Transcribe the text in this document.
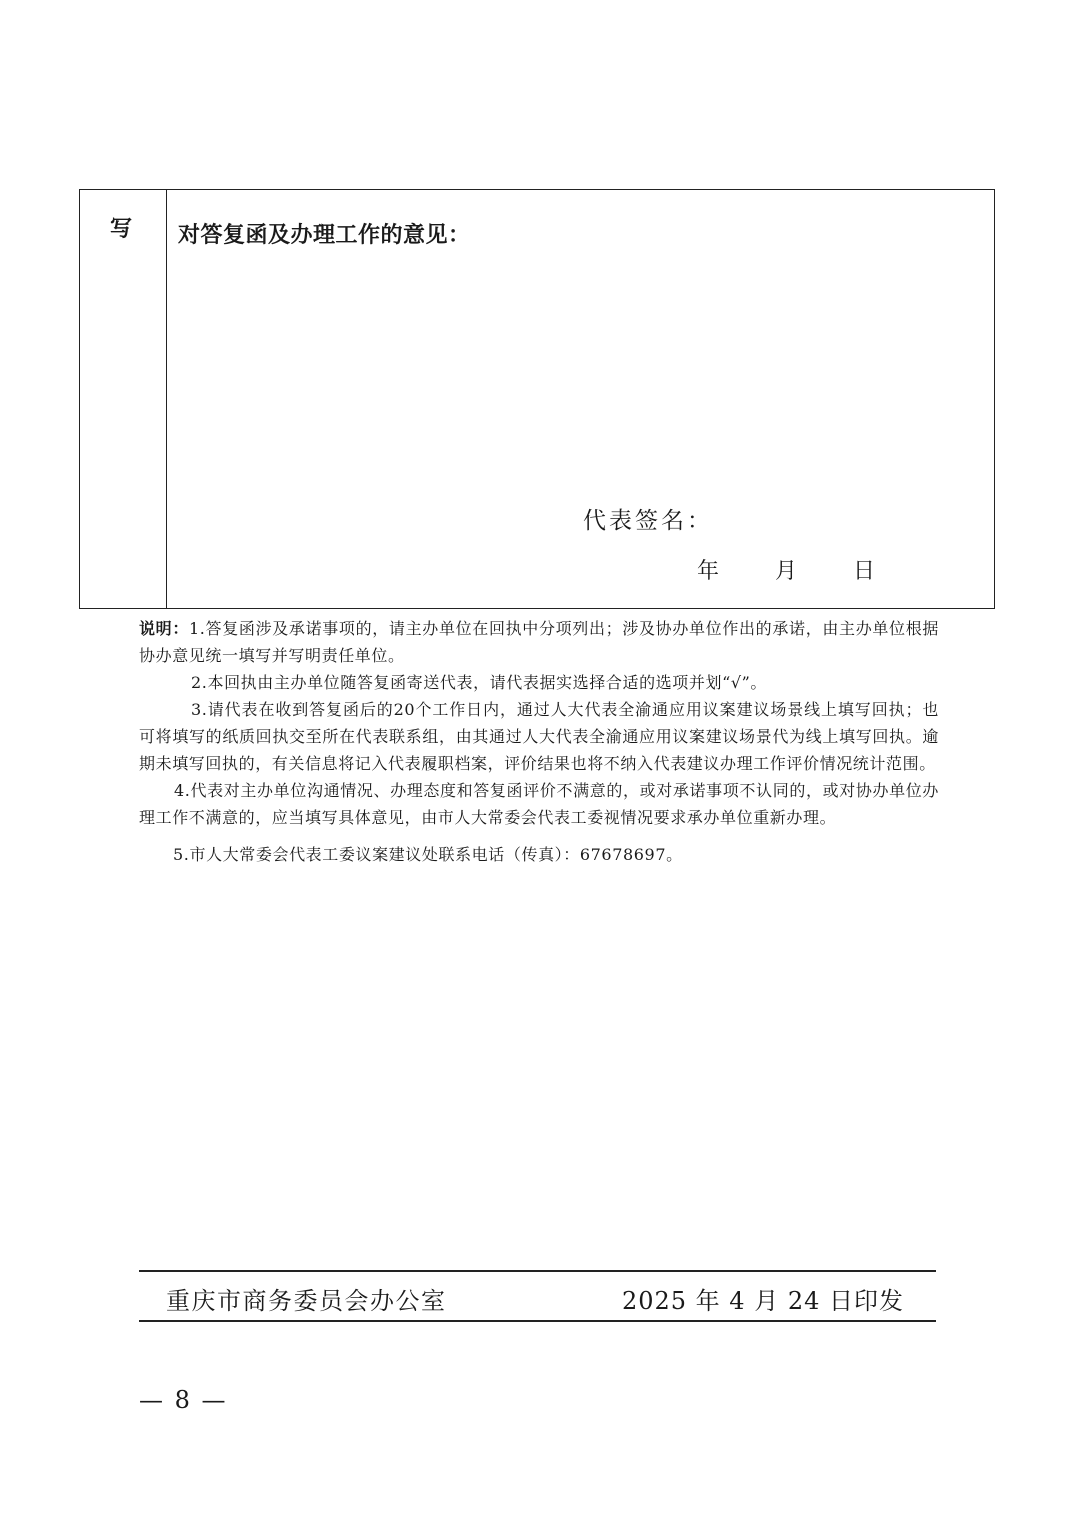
写 对答复函及办理工作的意见：
代表签名：
年	月	日

说明：1.答复函涉及承诺事项的，请主办单位在回执中分项列出；涉及协办单位作出的承诺，由主办单位根据协办意见统一填写并写明责任单位。

2.本回执由主办单位随答复函寄送代表，请代表据实选择合适的选项并划“√”。

3.请代表在收到答复函后的20个工作日内，通过人大代表全渝通应用议案建议场景线上填写回执；也可将填写的纸质回执交至所在代表联系组，由其通过人大代表全渝通应用议案建议场景代为线上填写回执。逾期未填写回执的，有关信息将记入代表履职档案，评价结果也将不纳入代表建议办理工作评价情况统计范围。

4.代表对主办单位沟通情况、办理态度和答复函评价不满意的，或对承诺事项不认同的，或对协办单位办理工作不满意的，应当填写具体意见，由市人大常委会代表工委视情况要求承办单位重新办理。

5.市人大常委会代表工委议案建议处联系电话（传真）：67678697。

重庆市商务委员会办公室	2025 年 4 月 24 日印发
— 8 —
